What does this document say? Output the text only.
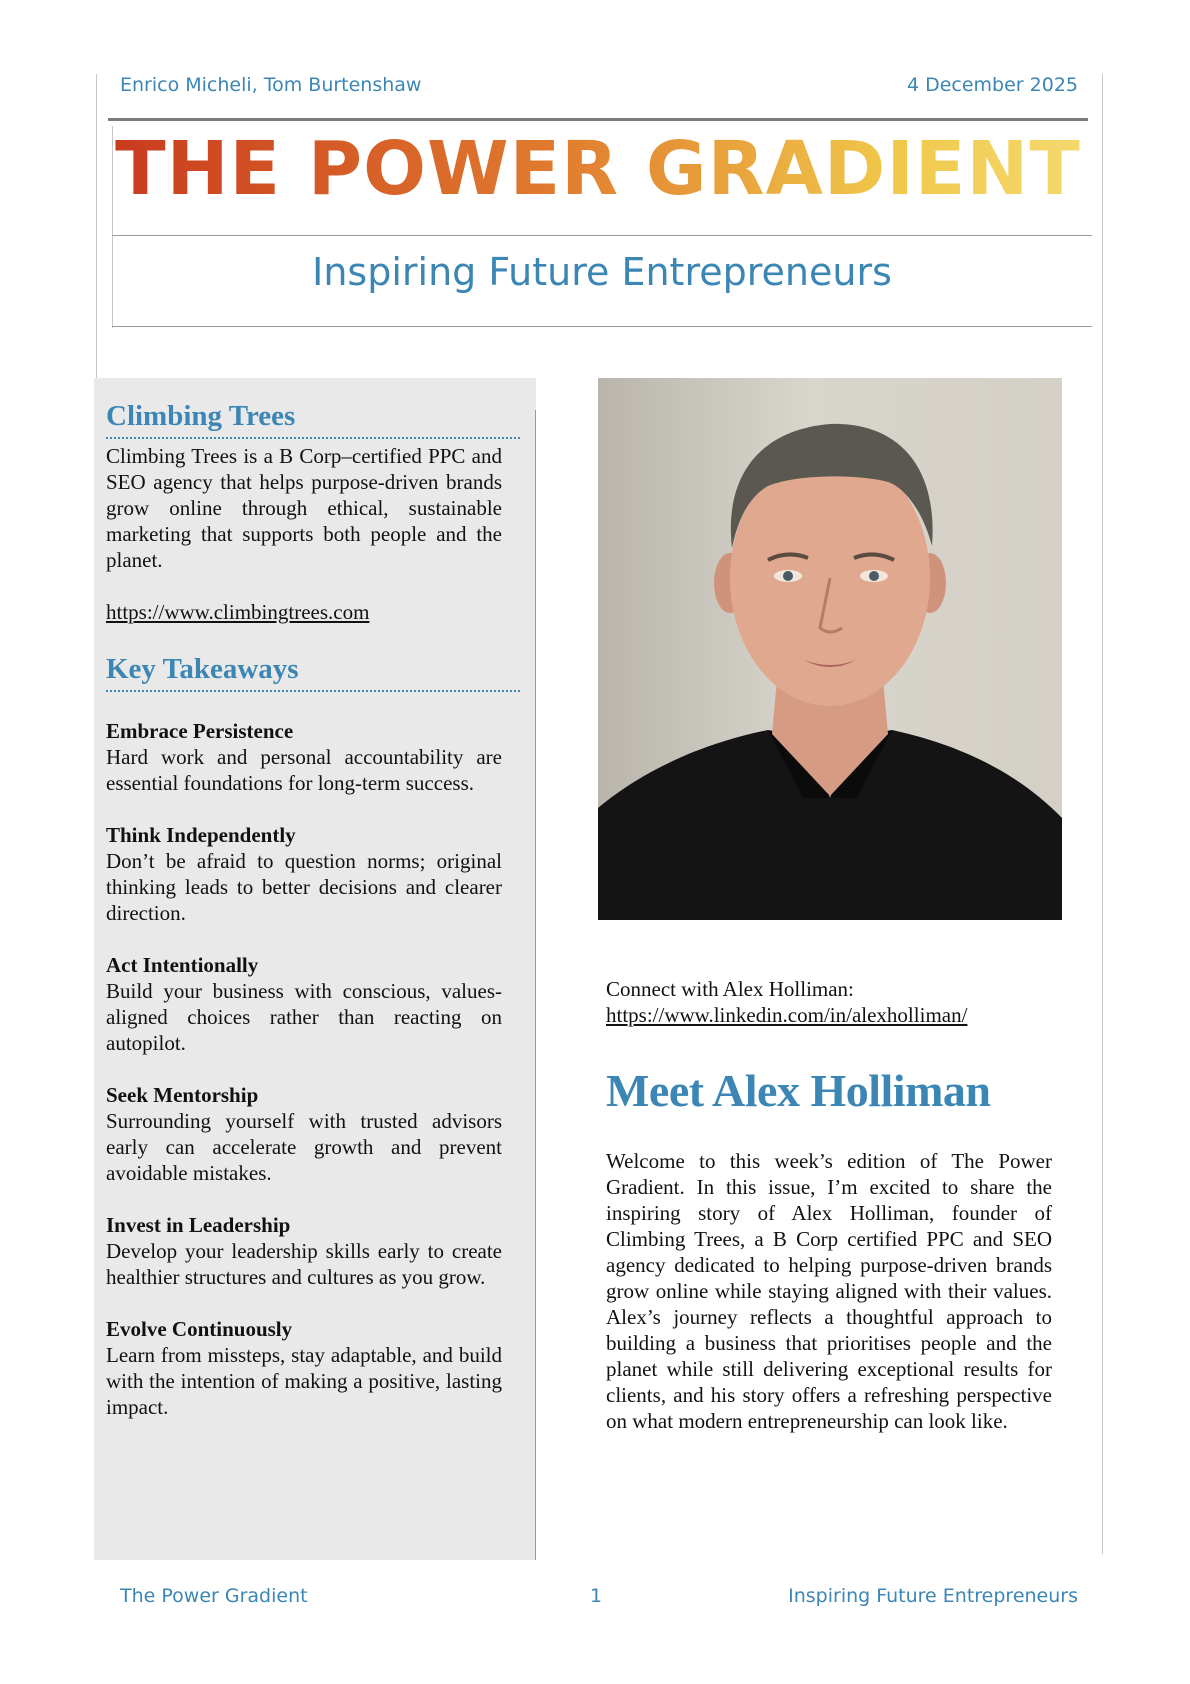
Enrico Micheli, Tom Burtenshaw	4 December 2025
THE POWER GRADIENT
Inspiring Future Entrepreneurs
Climbing Trees

Climbing Trees is a B Corp–certified PPC and SEO agency that helps purpose-driven brands grow online through ethical, sustainable marketing that supports both people and the planet.

https://www.climbingtrees.com

Key Takeaways

Embrace Persistence

Hard work and personal accountability are essential foundations for long-term success.

Think Independently

Don’t be afraid to question norms; original thinking leads to better decisions and clearer direction.

Act Intentionally

Build your business with conscious, values-aligned choices rather than reacting on autopilot.

Seek Mentorship

Surrounding yourself with trusted advisors early can accelerate growth and prevent avoidable mistakes.

Invest in Leadership

Develop your leadership skills early to create healthier structures and cultures as you grow.

Evolve Continuously

Learn from missteps, stay adaptable, and build with the intention of making a positive, lasting impact.

Connect with Alex Holliman:
https://www.linkedin.com/in/alexholliman/
Meet Alex Holliman

Welcome to this week’s edition of The Power Gradient. In this issue, I’m excited to share the inspiring story of Alex Holliman, founder of Climbing Trees, a B Corp certified PPC and SEO agency dedicated to helping purpose-driven brands grow online while staying aligned with their values. Alex’s journey reflects a thoughtful approach to building a business that prioritises people and the planet while still delivering exceptional results for clients, and his story offers a refreshing perspective on what modern entrepreneurship can look like.

The Power Gradient	1	Inspiring Future Entrepreneurs
